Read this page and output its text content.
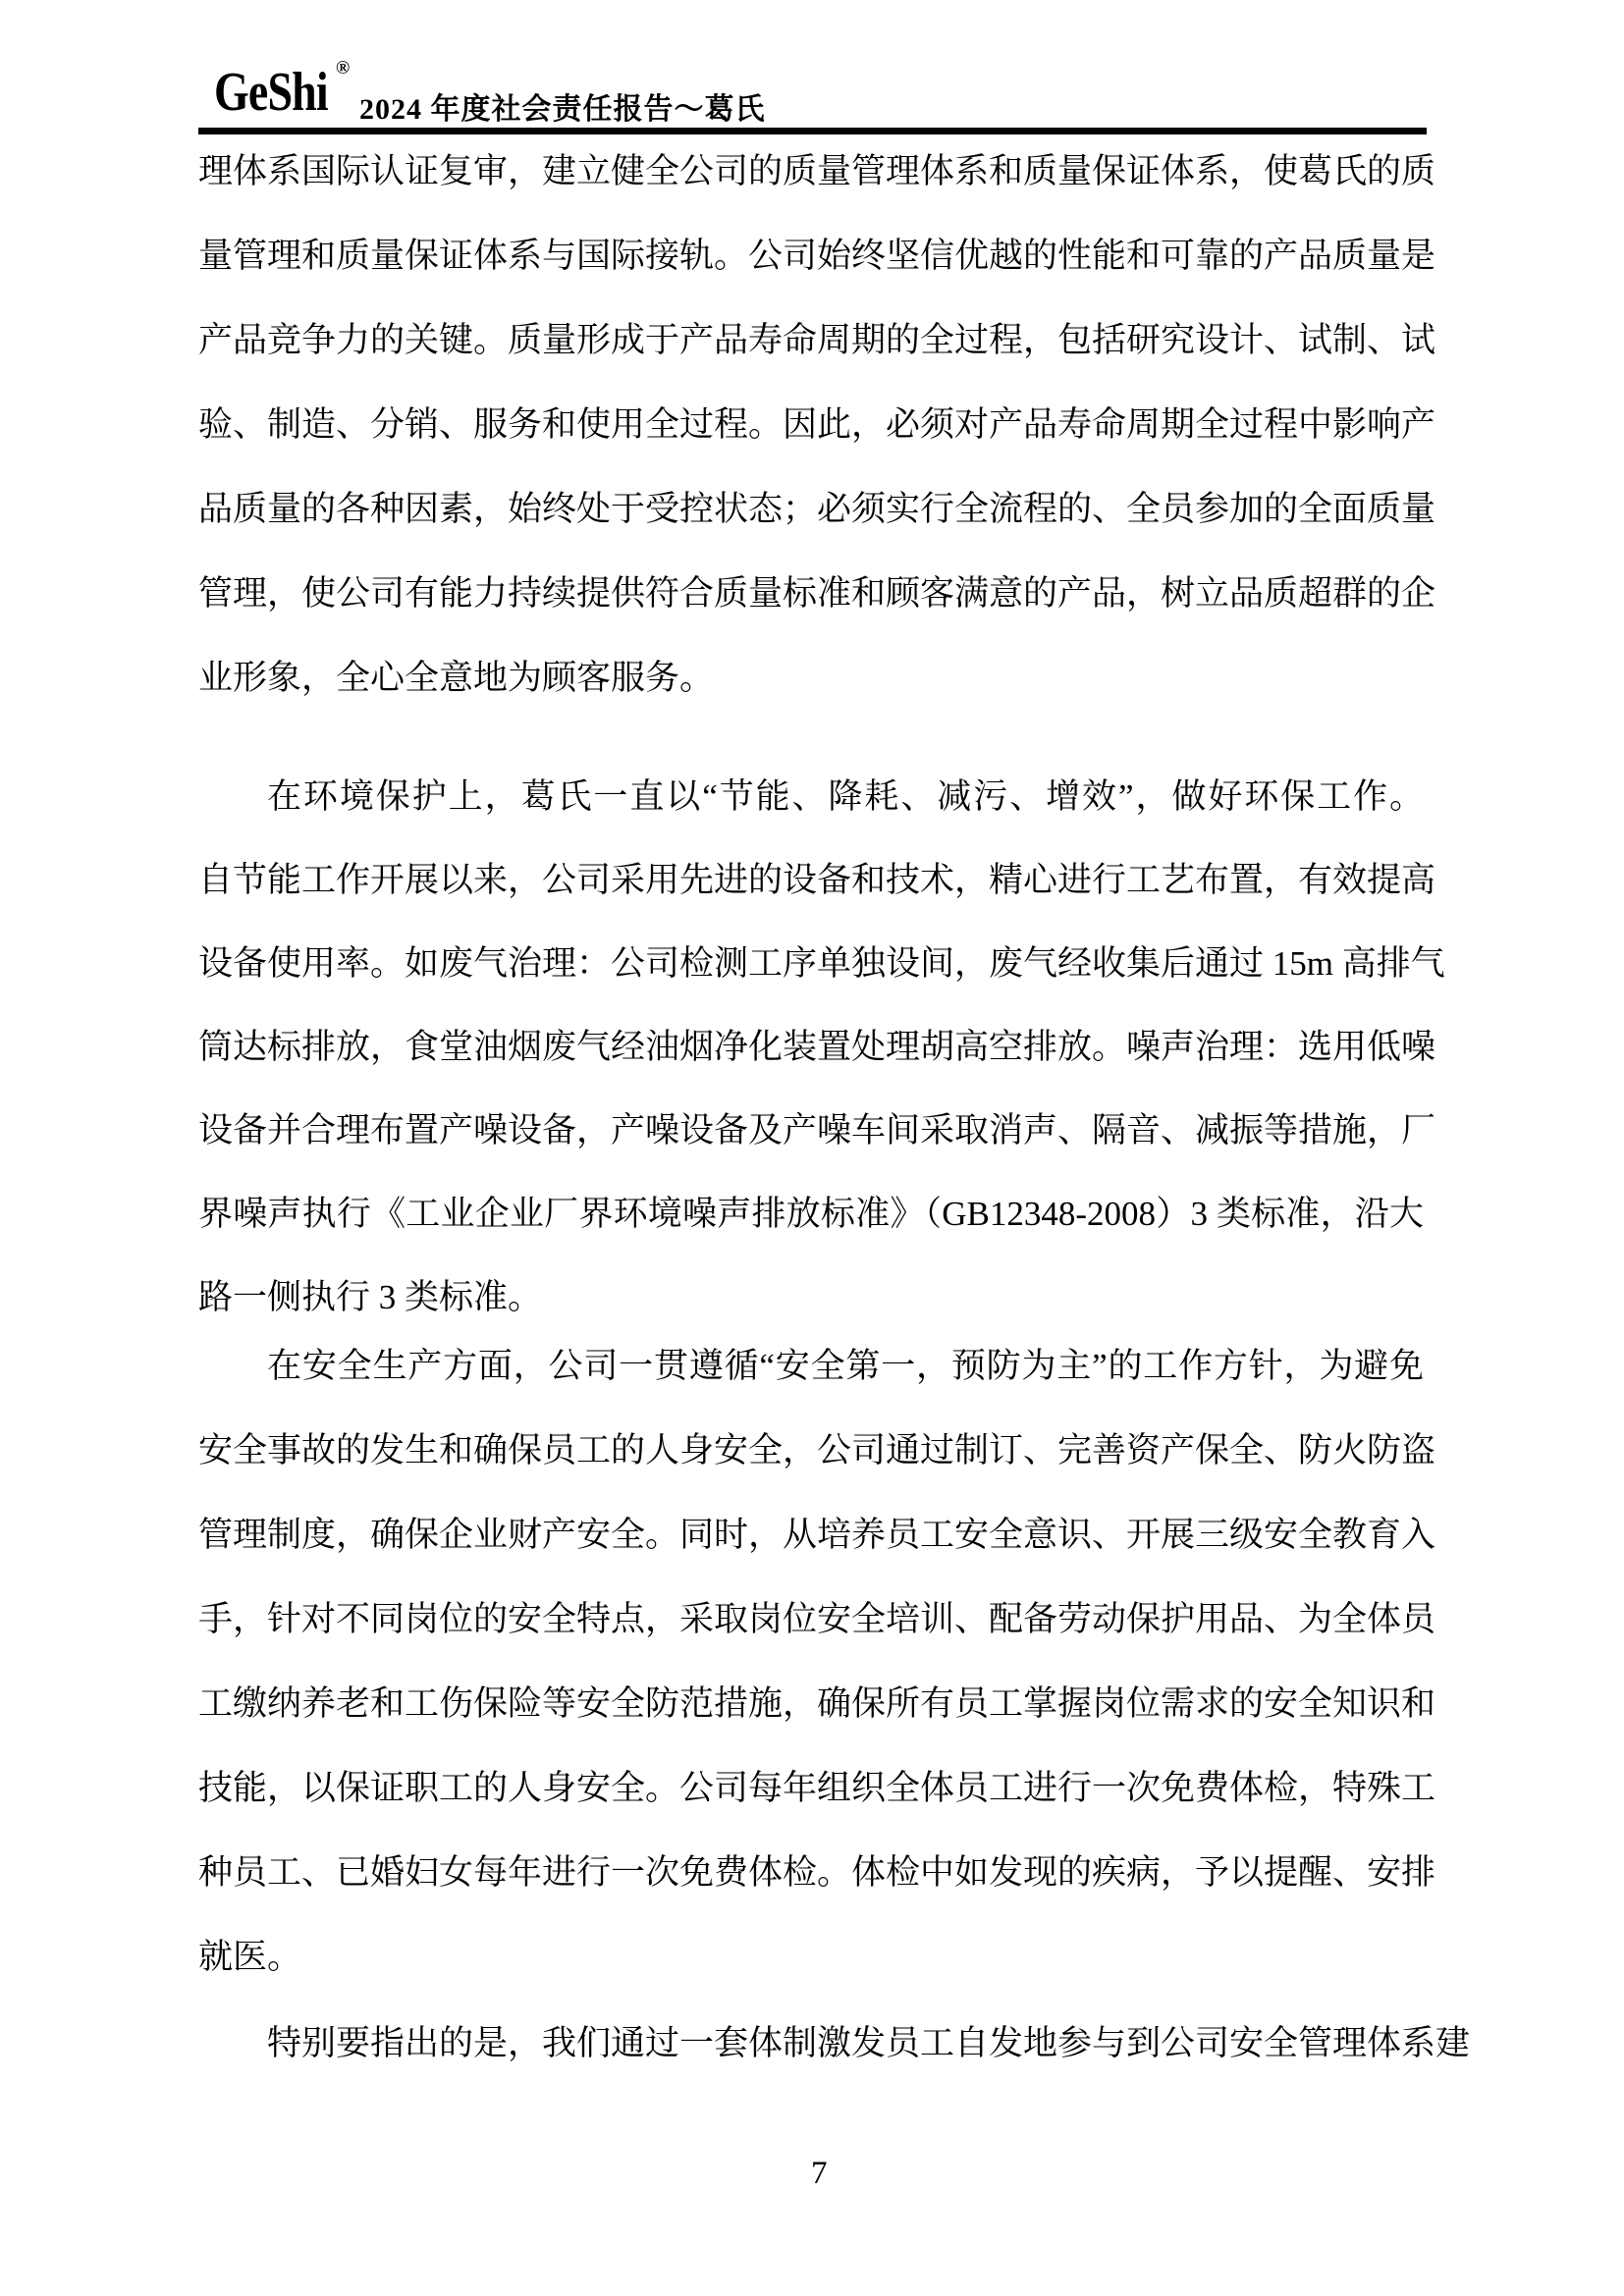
GeShi ®
2024 年度社会责任报告～葛氏
理体系国际认证复审，建立健全公司的质量管理体系和质量保证体系，使葛氏的质
量管理和质量保证体系与国际接轨。公司始终坚信优越的性能和可靠的产品质量是
产品竞争力的关键。质量形成于产品寿命周期的全过程，包括研究设计、试制、试
验、制造、分销、服务和使用全过程。因此，必须对产品寿命周期全过程中影响产
品质量的各种因素，始终处于受控状态；必须实行全流程的、全员参加的全面质量
管理，使公司有能力持续提供符合质量标准和顾客满意的产品，树立品质超群的企
业形象，全心全意地为顾客服务。
在环境保护上，葛氏一直以“节能、降耗、减污、增效”，做好环保工作。
自节能工作开展以来，公司采用先进的设备和技术，精心进行工艺布置，有效提高
设备使用率。如废气治理：公司检测工序单独设间，废气经收集后通过 15m 高排气
筒达标排放，食堂油烟废气经油烟净化装置处理胡高空排放。噪声治理：选用低噪
设备并合理布置产噪设备，产噪设备及产噪车间采取消声、隔音、减振等措施，厂
界噪声执行《工业企业厂界环境噪声排放标准》（GB12348-2008）3 类标准，沿大
路一侧执行 3 类标准。
在安全生产方面，公司一贯遵循“安全第一，预防为主”的工作方针，为避免
安全事故的发生和确保员工的人身安全，公司通过制订、完善资产保全、防火防盗
管理制度，确保企业财产安全。同时，从培养员工安全意识、开展三级安全教育入
手，针对不同岗位的安全特点，采取岗位安全培训、配备劳动保护用品、为全体员
工缴纳养老和工伤保险等安全防范措施，确保所有员工掌握岗位需求的安全知识和
技能，以保证职工的人身安全。公司每年组织全体员工进行一次免费体检，特殊工
种员工、已婚妇女每年进行一次免费体检。体检中如发现的疾病，予以提醒、安排
就医。
特别要指出的是，我们通过一套体制激发员工自发地参与到公司安全管理体系建
7
